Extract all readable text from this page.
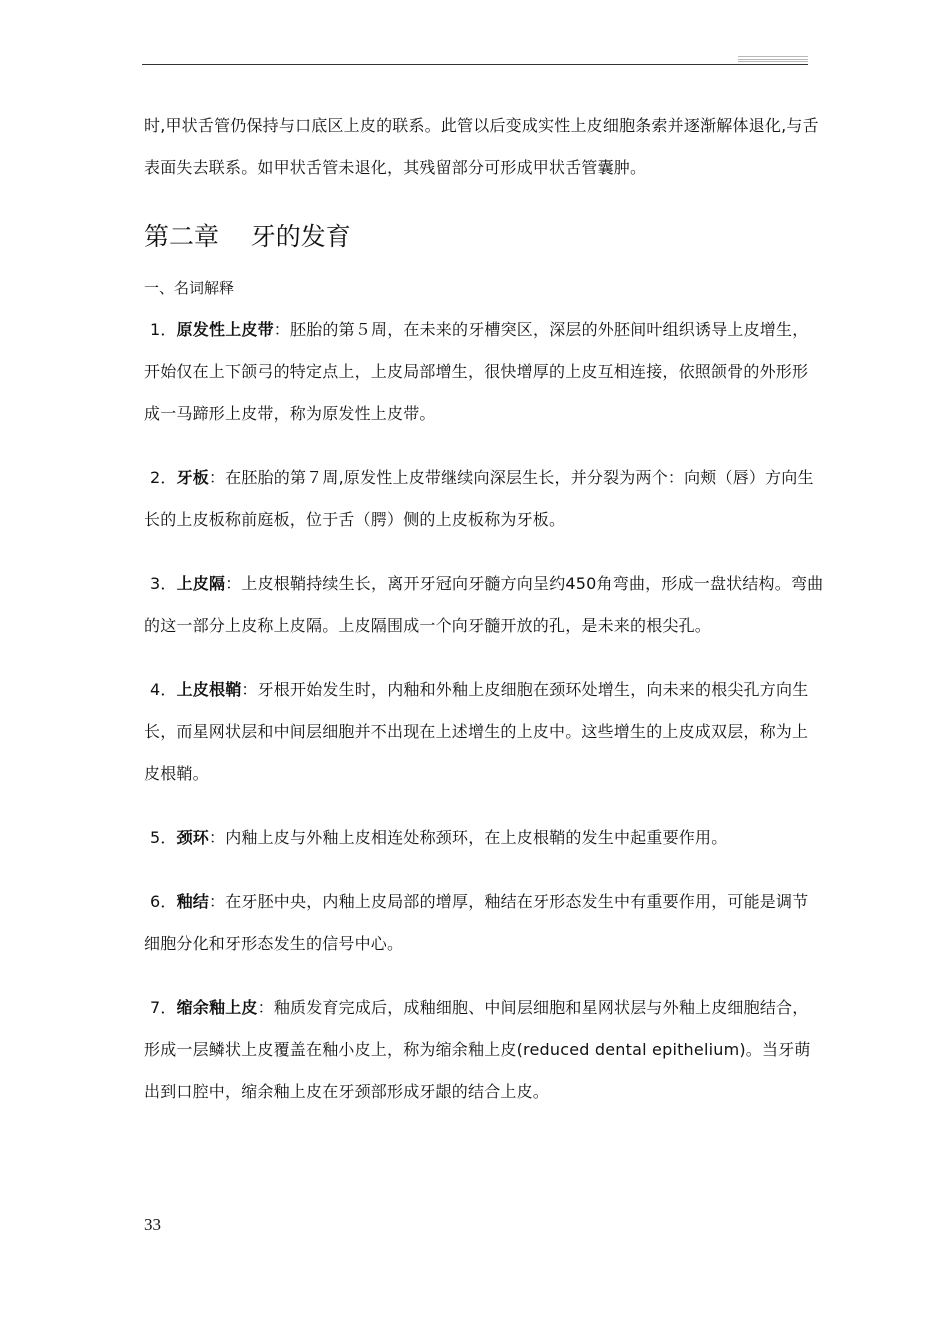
时,甲状舌管仍保持与口底区上皮的联系。此管以后变成实性上皮细胞条索并逐渐解体退化,与舌表面失去联系。如甲状舌管未退化，其残留部分可形成甲状舌管囊肿。

第二章    牙的发育

一、名词解释

1．原发性上皮带：胚胎的第５周，在未来的牙槽突区，深层的外胚间叶组织诱导上皮增生，开始仅在上下颌弓的特定点上，上皮局部增生，很快增厚的上皮互相连接，依照颌骨的外形形成一马蹄形上皮带，称为原发性上皮带。

2．牙板：在胚胎的第７周,原发性上皮带继续向深层生长，并分裂为两个：向颊（唇）方向生长的上皮板称前庭板，位于舌（腭）侧的上皮板称为牙板。

3．上皮隔：上皮根鞘持续生长，离开牙冠向牙髓方向呈约450角弯曲，形成一盘状结构。弯曲的这一部分上皮称上皮隔。上皮隔围成一个向牙髓开放的孔，是未来的根尖孔。

4．上皮根鞘：牙根开始发生时，内釉和外釉上皮细胞在颈环处增生，向未来的根尖孔方向生长，而星网状层和中间层细胞并不出现在上述增生的上皮中。这些增生的上皮成双层，称为上皮根鞘。

5．颈环：内釉上皮与外釉上皮相连处称颈环，在上皮根鞘的发生中起重要作用。

6．釉结：在牙胚中央，内釉上皮局部的增厚，釉结在牙形态发生中有重要作用，可能是调节细胞分化和牙形态发生的信号中心。

7．缩余釉上皮：釉质发育完成后，成釉细胞、中间层细胞和星网状层与外釉上皮细胞结合，形成一层鳞状上皮覆盖在釉小皮上，称为缩余釉上皮(reduced dental epithelium)。当牙萌出到口腔中，缩余釉上皮在牙颈部形成牙龈的结合上皮。

33
